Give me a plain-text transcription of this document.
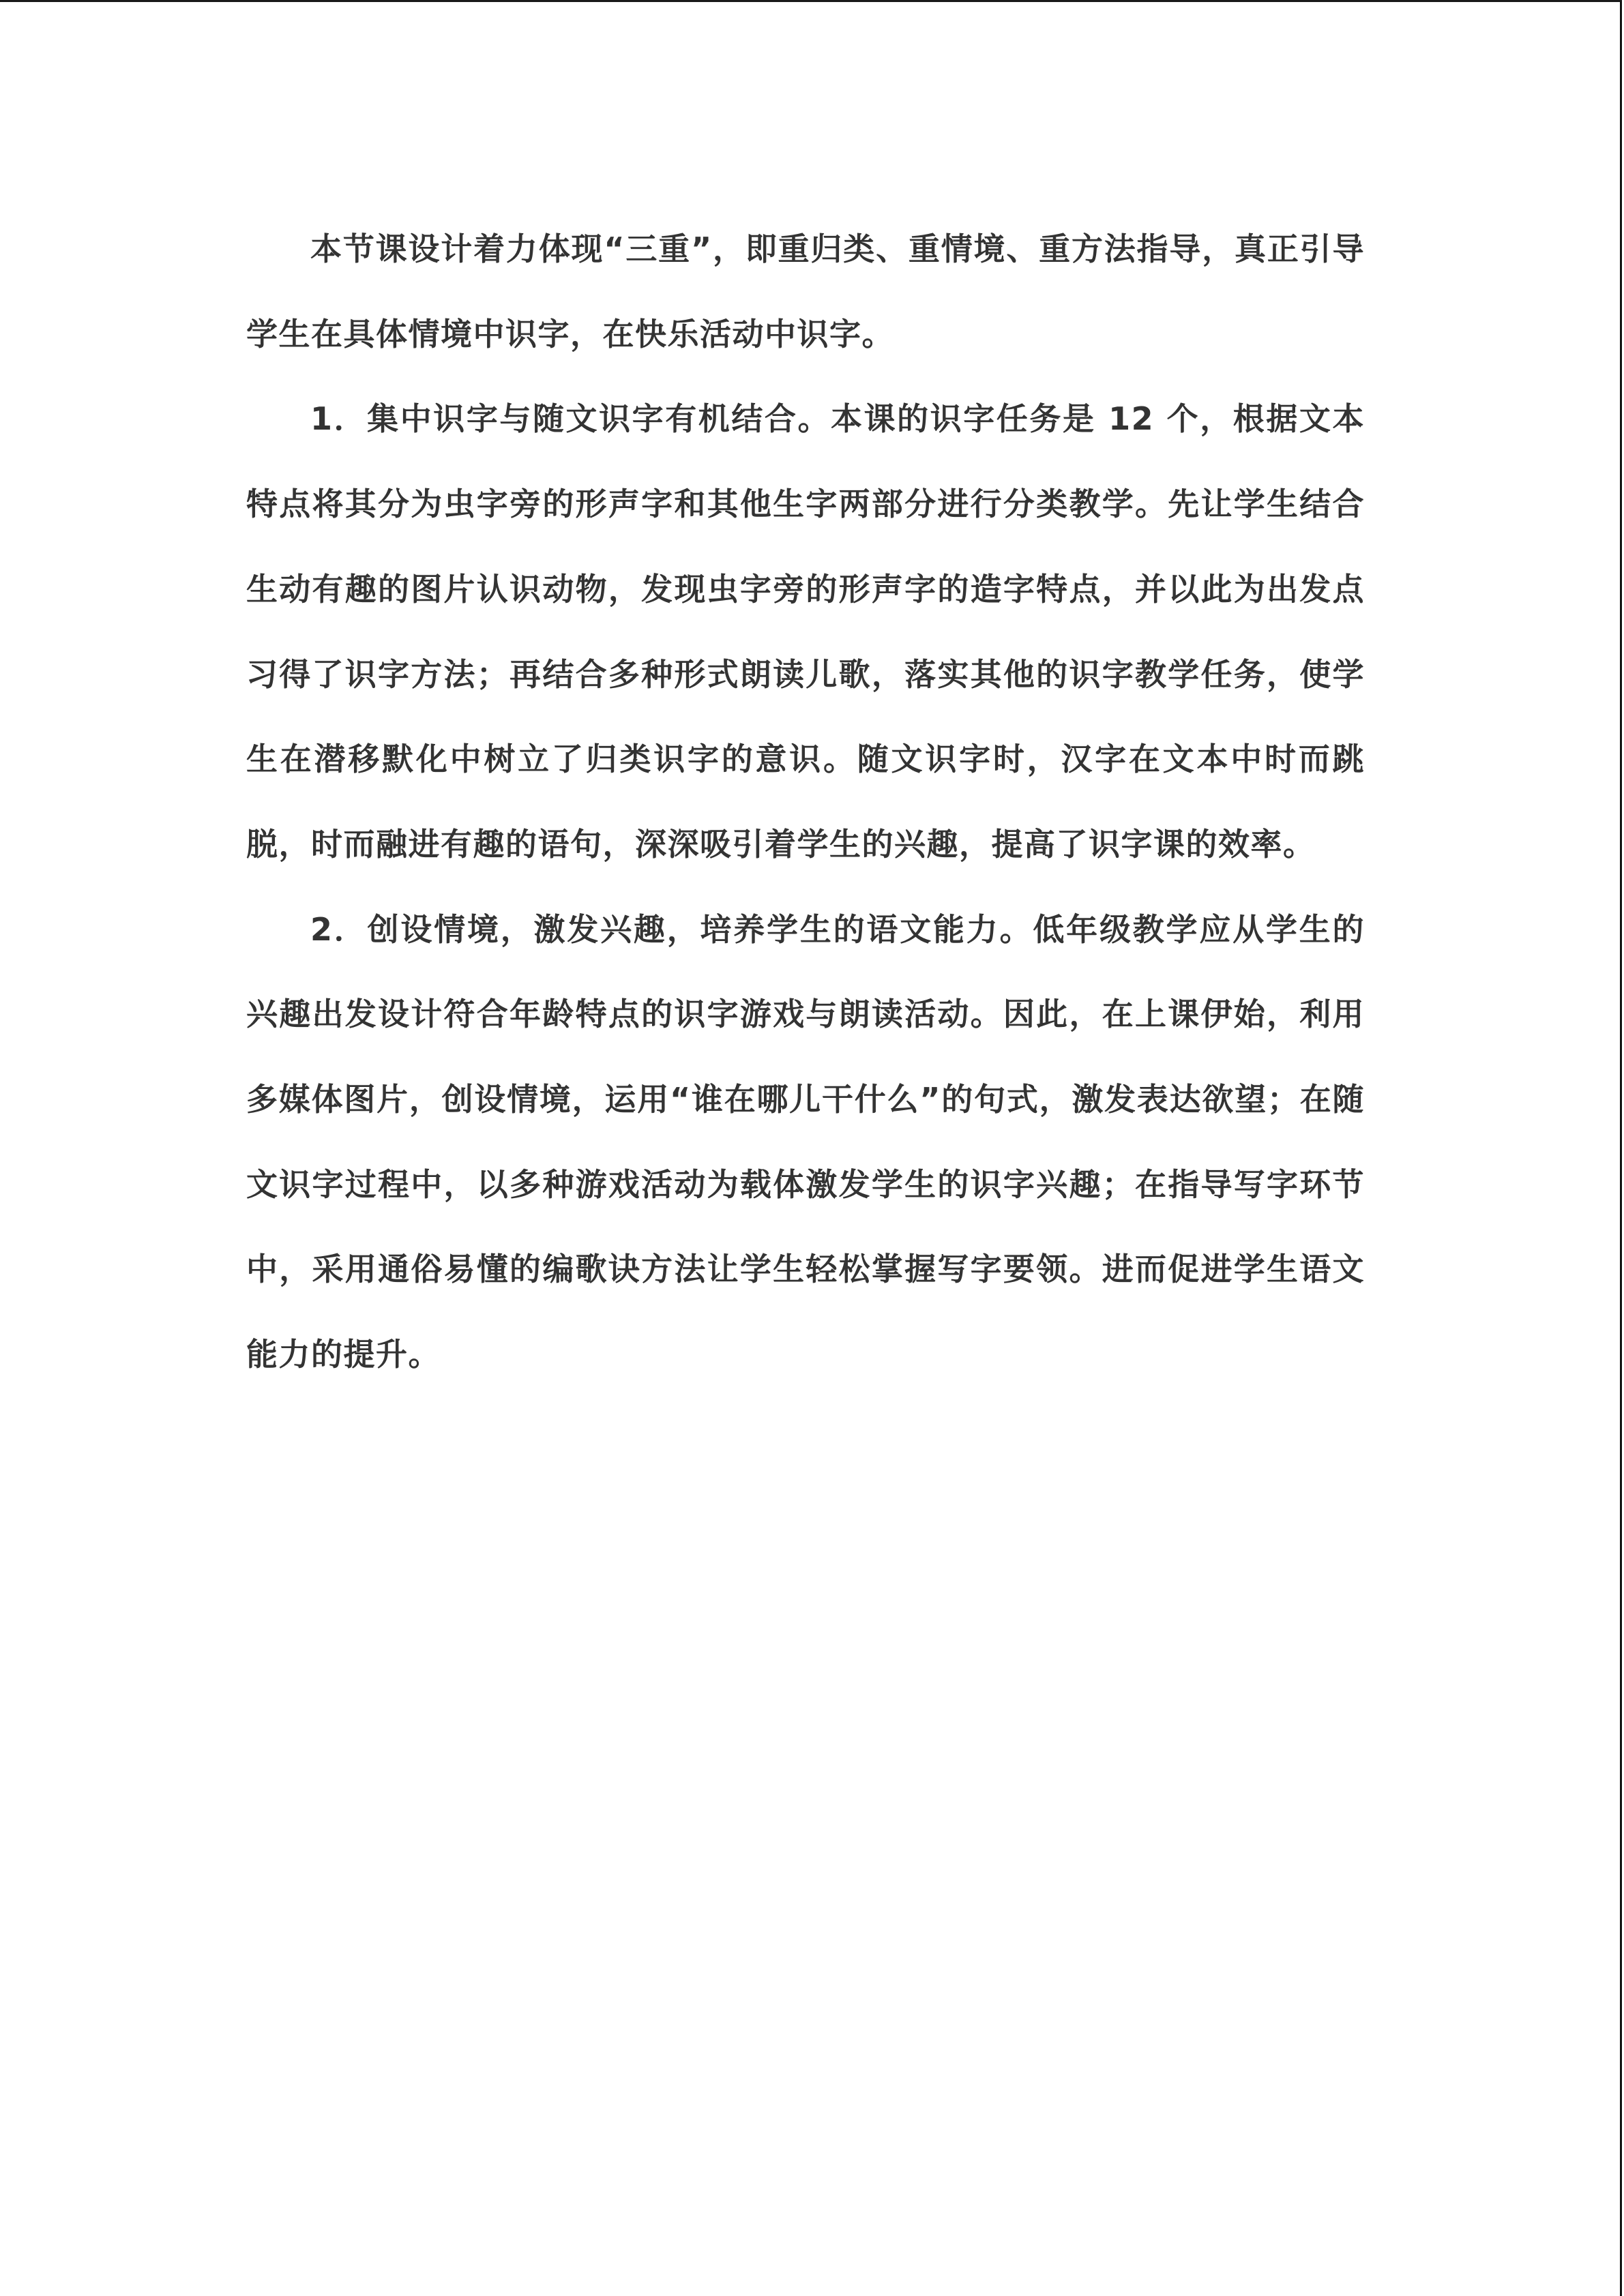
本节课设计着力体现“三重”，即重归类、重情境、重方法指导，真正引导学生在具体情境中识字，在快乐活动中识字。

1．集中识字与随文识字有机结合。本课的识字任务是 12 个，根据文本特点将其分为虫字旁的形声字和其他生字两部分进行分类教学。先让学生结合生动有趣的图片认识动物，发现虫字旁的形声字的造字特点，并以此为出发点习得了识字方法；再结合多种形式朗读儿歌，落实其他的识字教学任务，使学生在潜移默化中树立了归类识字的意识。随文识字时，汉字在文本中时而跳脱，时而融进有趣的语句，深深吸引着学生的兴趣，提高了识字课的效率。

2．创设情境，激发兴趣，培养学生的语文能力。低年级教学应从学生的兴趣出发设计符合年龄特点的识字游戏与朗读活动。因此，在上课伊始，利用多媒体图片，创设情境，运用“谁在哪儿干什么”的句式，激发表达欲望；在随文识字过程中，以多种游戏活动为载体激发学生的识字兴趣；在指导写字环节中，采用通俗易懂的编歌诀方法让学生轻松掌握写字要领。进而促进学生语文能力的提升。
